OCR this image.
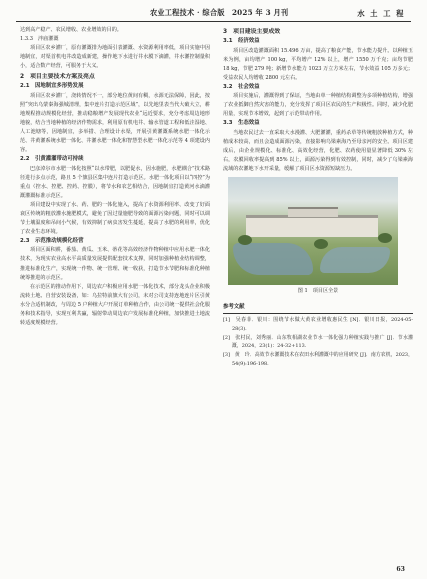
农业工程技术 · 综合版　2025 年 3 月刊	水 土 工 程
达到高产稳产、农民增收、农业增效的目的。
1.3.3　泮庙灌溉
项目区农乡灌厂，原有灌溉排为地面引表灌溉、水资源利用率低，项目实施中因地制宜，对渠首机电井改造成新建，操作地下水进行井水膜下滴灌，井水灌控制量积小，适合数产经营，可服务于大义。
2　项目主要技术方案及亮点
2.1　因地制宜多形势发展
项目区农乡灌厂，浇转情况不一，部分地位黄间有稠，水源无法保障，因此，按照“突出乌蒙秦海强城清理，集中连片打造示范区域”，以先地里表当代大破大立，耕地规程推动规模化经营，推动稳粮增产发展现代农业“远近要求，充分考虑周边地形地貌，结合当地种植的经济作物需求，利用原有机电井、输水管道工程和低洼湿地、人工池塘等，因地制宜，多举措、合理设计水渠，开展引黄灌溉系统水肥一体化示范、井黄灌系统水肥一体化、井灌水肥一体化和智慧型水肥一体化示范等 4 项建设内容。
2.2　引黄灌灌带动可持续
巴彦淖尔市水肥一体化按照“以水带肥，以肥促水，因水施肥，水肥耦合”技术路径进行多点示范，路且 5 个旗县区集中连片打造示范区。水肥一体化项目以“四控”为重点（控水、控肥、控药、控膜），将节水和农艺相结合，因地制宜打造黄河水滴灌溉灌溉标准示范区。
项目建设中实现了水、药、肥的一体化施入，提高了水资源利用率、改变了好面衰区传统的粗放灌水施肥模式，避免了因过量施肥导致的面源污染问题，同时可以调节土壤温度和吊间小气候，有效抑制了病虫害发生蔓延，提高了水肥的利用率，优化了农业生态环境。
2.3　示范推动规模化经营
项目区面积耕，番茄、黄瓜、玉米、蒂花等高效经济作物种植中应用水肥一体化技术，为现实农业高水平高质量发展提供配套技术支撑，同时加强种植业结构调整，推进标准化生产，实现统一作物、统一管理、统一收获，打造节水节肥和标准化种植统筹推进的示范区。
在示范区的推动作用下，周边农户积极应用水肥一体化技术，部分龙头企业积极流转土地、自营安装设备，如：乌拉特前旗大有公司，未对公司支持连地连片区引黄水分合适机制改，与周边 5 户种植大户开展订单种植合作，由公司统一提供社会化服务和技术指导，实现互利共赢，辐射带动周边农户发展标准化种植，加快推进土地流转适度规模经营。
3　项目建设主要成效
3.1　经济效益
项目区改造灌溉面积 15.496 万亩，提高了粮食产能，节水能力提升。以种植玉米为例，亩均增产 100 kg，平均增产 12% 以上，增产 1550 万千克；亩均节肥 18 kg，节肥 279 吨；新增节水能力 1023 万立方米左右，节水效益 105 万多元；受益农民人均增收 2800 元左右。
3.2　社会效益
项目实施后，灌溉得到了保证，当地由单一种植结构调整为多项种植结构，增强了农业抵御自然灾害的能力，充分发挥了项目区农民的生产积极性。同时，减少化肥用量，实现节本增效，起到了示范带动作用。
3.3　生态效益
当地农民过去一直采取大水漫灌、大肥灌灌，重药杀草等传统粗放种植方式，种植成本较高，而且会造成面源污染，直接影响乌梁素海乃至母亲河的安全。项目区建成后，由企业规模化、标准化、高效化经营，化肥、农药使用量显著降低 30% 左右，农膜回收率提高到 85% 以上，面源污染得到有效控制，同时，减少了乌梁素海流域的农灌地下水开采量，缓解了项目区水资源短缺压力。
图 1　项目区全景
参考文献
[1]　吴春菲．银川：围绕节水做大黄农业增收惠民生 [N]．银川日报，2024-05-28(3).
[2]　张村民，刘秀丽．山东牧相湖农业节水一体化强力种植实践与推广 [J]．节水灌溉，2024，23(1)：24-32+113.
[3]　黄　玲．高效节水灌溉技术在农田水利灌溉中的应用研究 [J]．南方农机，2023，54(9):196-198.
63
